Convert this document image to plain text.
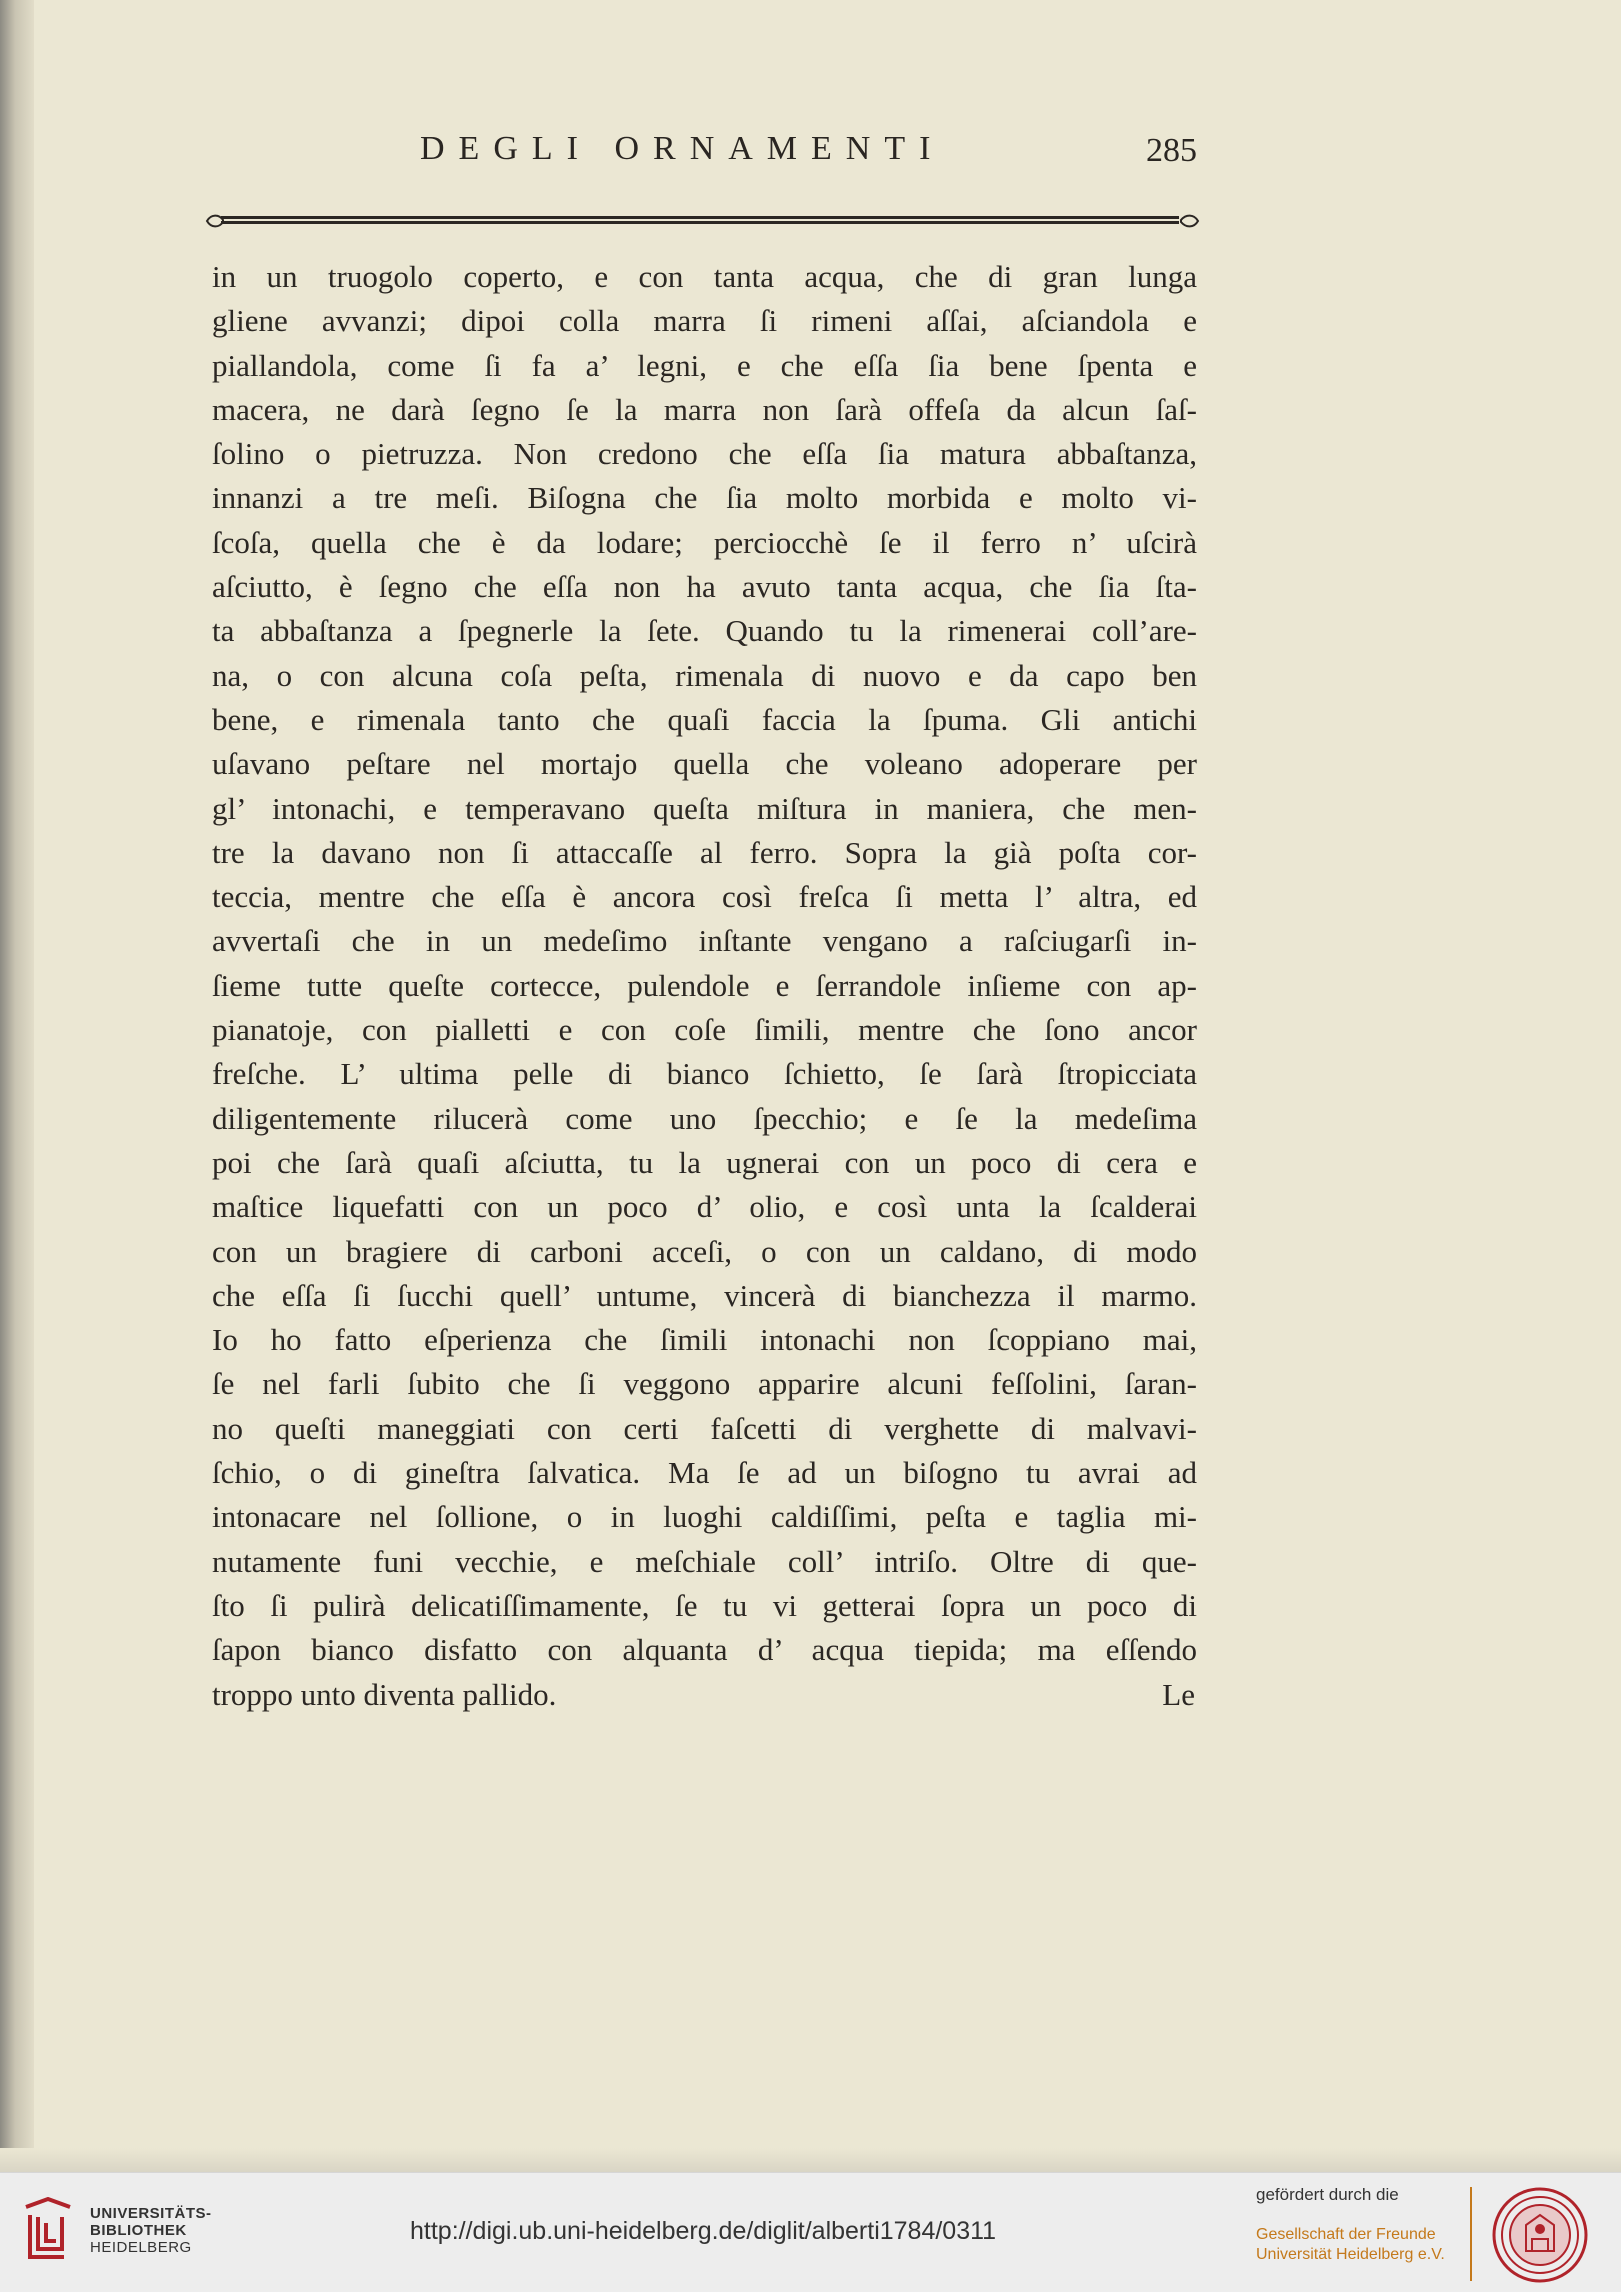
DEGLI ORNAMENTI	285
in un truogolo coperto, e con tanta acqua, che di gran lunga
gliene avvanzi; dipoi colla marra ſi rimeni aſſai, aſciandola e
piallandola, come ſi fa a’ legni, e che eſſa ſia bene ſpenta e
macera, ne darà ſegno ſe la marra non ſarà offeſa da alcun ſaſ-
ſolino o pietruzza. Non credono che eſſa ſia matura abbaſtanza,
innanzi a tre meſi. Biſogna che ſia molto morbida e molto vi-
ſcoſa, quella che è da lodare; perciocchè ſe il ferro n’ uſcirà
aſciutto, è ſegno che eſſa non ha avuto tanta acqua, che ſia ſta-
ta abbaſtanza a ſpegnerle la ſete. Quando tu la rimenerai coll’are-
na, o con alcuna coſa peſta, rimenala di nuovo e da capo ben
bene, e rimenala tanto che quaſi faccia la ſpuma. Gli antichi
uſavano peſtare nel mortajo quella che voleano adoperare per
gl’ intonachi, e temperavano queſta miſtura in maniera, che men-
tre la davano non ſi attaccaſſe al ferro. Sopra la già poſta cor-
teccia, mentre che eſſa è ancora così freſca ſi metta l’ altra, ed
avvertaſi che in un medeſimo inſtante vengano a raſciugarſi in-
ſieme tutte queſte cortecce, pulendole e ſerrandole inſieme con ap-
pianatoje, con pialletti e con coſe ſimili, mentre che ſono ancor
freſche. L’ ultima pelle di bianco ſchietto, ſe ſarà ſtropicciata
diligentemente rilucerà come uno ſpecchio; e ſe la medeſima
poi che ſarà quaſi aſciutta, tu la ugnerai con un poco di cera e
maſtice liquefatti con un poco d’ olio, e così unta la ſcalderai
con un bragiere di carboni acceſi, o con un caldano, di modo
che eſſa ſi ſucchi quell’ untume, vincerà di bianchezza il marmo.
Io ho fatto eſperienza che ſimili intonachi non ſcoppiano mai,
ſe nel farli ſubito che ſi veggono apparire alcuni feſſolini, ſaran-
no queſti maneggiati con certi faſcetti di verghette di malvavi-
ſchio, o di gineſtra ſalvatica. Ma ſe ad un biſogno tu avrai ad
intonacare nel ſollione, o in luoghi caldiſſimi, peſta e taglia mi-
nutamente funi vecchie, e meſchiale coll’ intriſo. Oltre di que-
ſto ſi pulirà delicatiſſimamente, ſe tu vi getterai ſopra un poco di
ſapon bianco disfatto con alquanta d’ acqua tiepida; ma eſſendo
troppo unto diventa pallido.	Le
UNIVERSITÄTS-
BIBLIOTHEK
HEIDELBERG
http://digi.ub.uni-heidelberg.de/diglit/alberti1784/0311
gefördert durch die
Gesellschaft der Freunde
Universität Heidelberg e.V.
